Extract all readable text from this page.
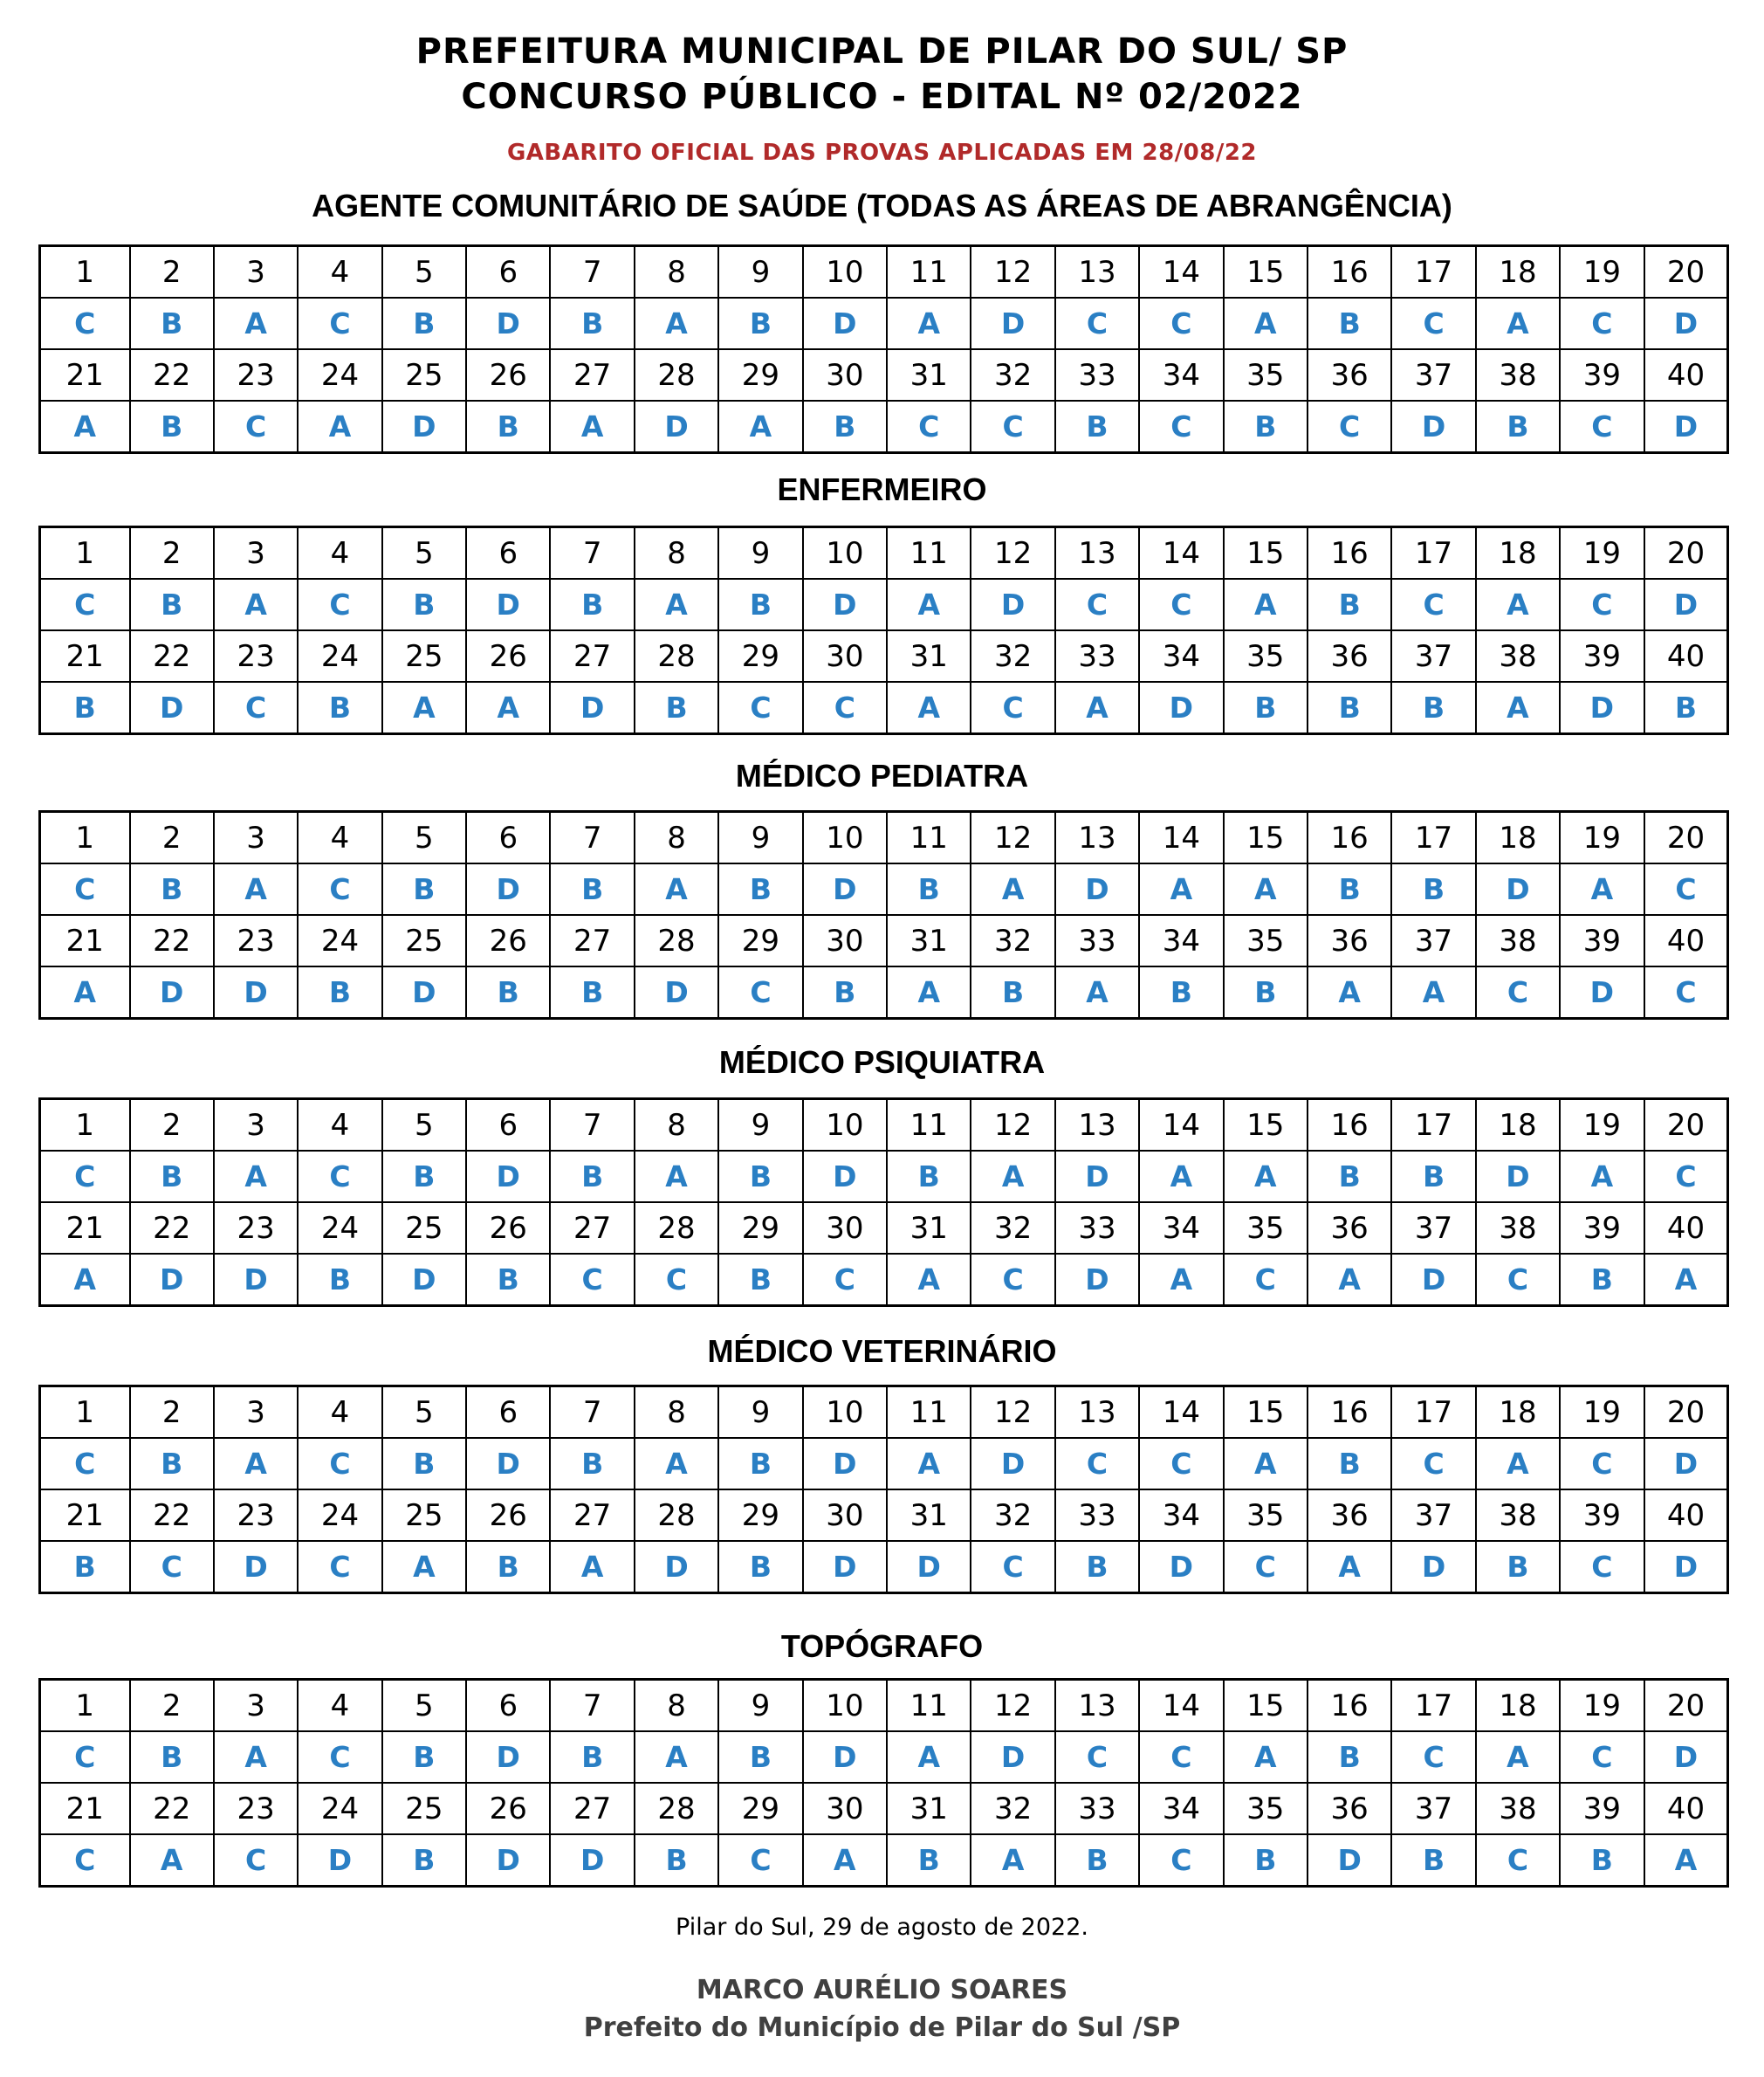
PREFEITURA MUNICIPAL DE PILAR DO SUL/ SP
CONCURSO PÚBLICO - EDITAL Nº 02/2022
GABARITO OFICIAL DAS PROVAS APLICADAS EM 28/08/22
AGENTE COMUNITÁRIO DE SAÚDE (TODAS AS ÁREAS DE ABRANGÊNCIA)
1	2	3	4	5	6	7	8	9	10	11	12	13	14	15	16	17	18	19	20
C	B	A	C	B	D	B	A	B	D	A	D	C	C	A	B	C	A	C	D
21	22	23	24	25	26	27	28	29	30	31	32	33	34	35	36	37	38	39	40
A	B	C	A	D	B	A	D	A	B	C	C	B	C	B	C	D	B	C	D
ENFERMEIRO
1	2	3	4	5	6	7	8	9	10	11	12	13	14	15	16	17	18	19	20
C	B	A	C	B	D	B	A	B	D	A	D	C	C	A	B	C	A	C	D
21	22	23	24	25	26	27	28	29	30	31	32	33	34	35	36	37	38	39	40
B	D	C	B	A	A	D	B	C	C	A	C	A	D	B	B	B	A	D	B
MÉDICO PEDIATRA
1	2	3	4	5	6	7	8	9	10	11	12	13	14	15	16	17	18	19	20
C	B	A	C	B	D	B	A	B	D	B	A	D	A	A	B	B	D	A	C
21	22	23	24	25	26	27	28	29	30	31	32	33	34	35	36	37	38	39	40
A	D	D	B	D	B	B	D	C	B	A	B	A	B	B	A	A	C	D	C
MÉDICO PSIQUIATRA
1	2	3	4	5	6	7	8	9	10	11	12	13	14	15	16	17	18	19	20
C	B	A	C	B	D	B	A	B	D	B	A	D	A	A	B	B	D	A	C
21	22	23	24	25	26	27	28	29	30	31	32	33	34	35	36	37	38	39	40
A	D	D	B	D	B	C	C	B	C	A	C	D	A	C	A	D	C	B	A
MÉDICO VETERINÁRIO
1	2	3	4	5	6	7	8	9	10	11	12	13	14	15	16	17	18	19	20
C	B	A	C	B	D	B	A	B	D	A	D	C	C	A	B	C	A	C	D
21	22	23	24	25	26	27	28	29	30	31	32	33	34	35	36	37	38	39	40
B	C	D	C	A	B	A	D	B	D	D	C	B	D	C	A	D	B	C	D
TOPÓGRAFO
1	2	3	4	5	6	7	8	9	10	11	12	13	14	15	16	17	18	19	20
C	B	A	C	B	D	B	A	B	D	A	D	C	C	A	B	C	A	C	D
21	22	23	24	25	26	27	28	29	30	31	32	33	34	35	36	37	38	39	40
C	A	C	D	B	D	D	B	C	A	B	A	B	C	B	D	B	C	B	A
Pilar do Sul, 29 de agosto de 2022.
MARCO AURÉLIO SOARES
Prefeito do Município de Pilar do Sul /SP
